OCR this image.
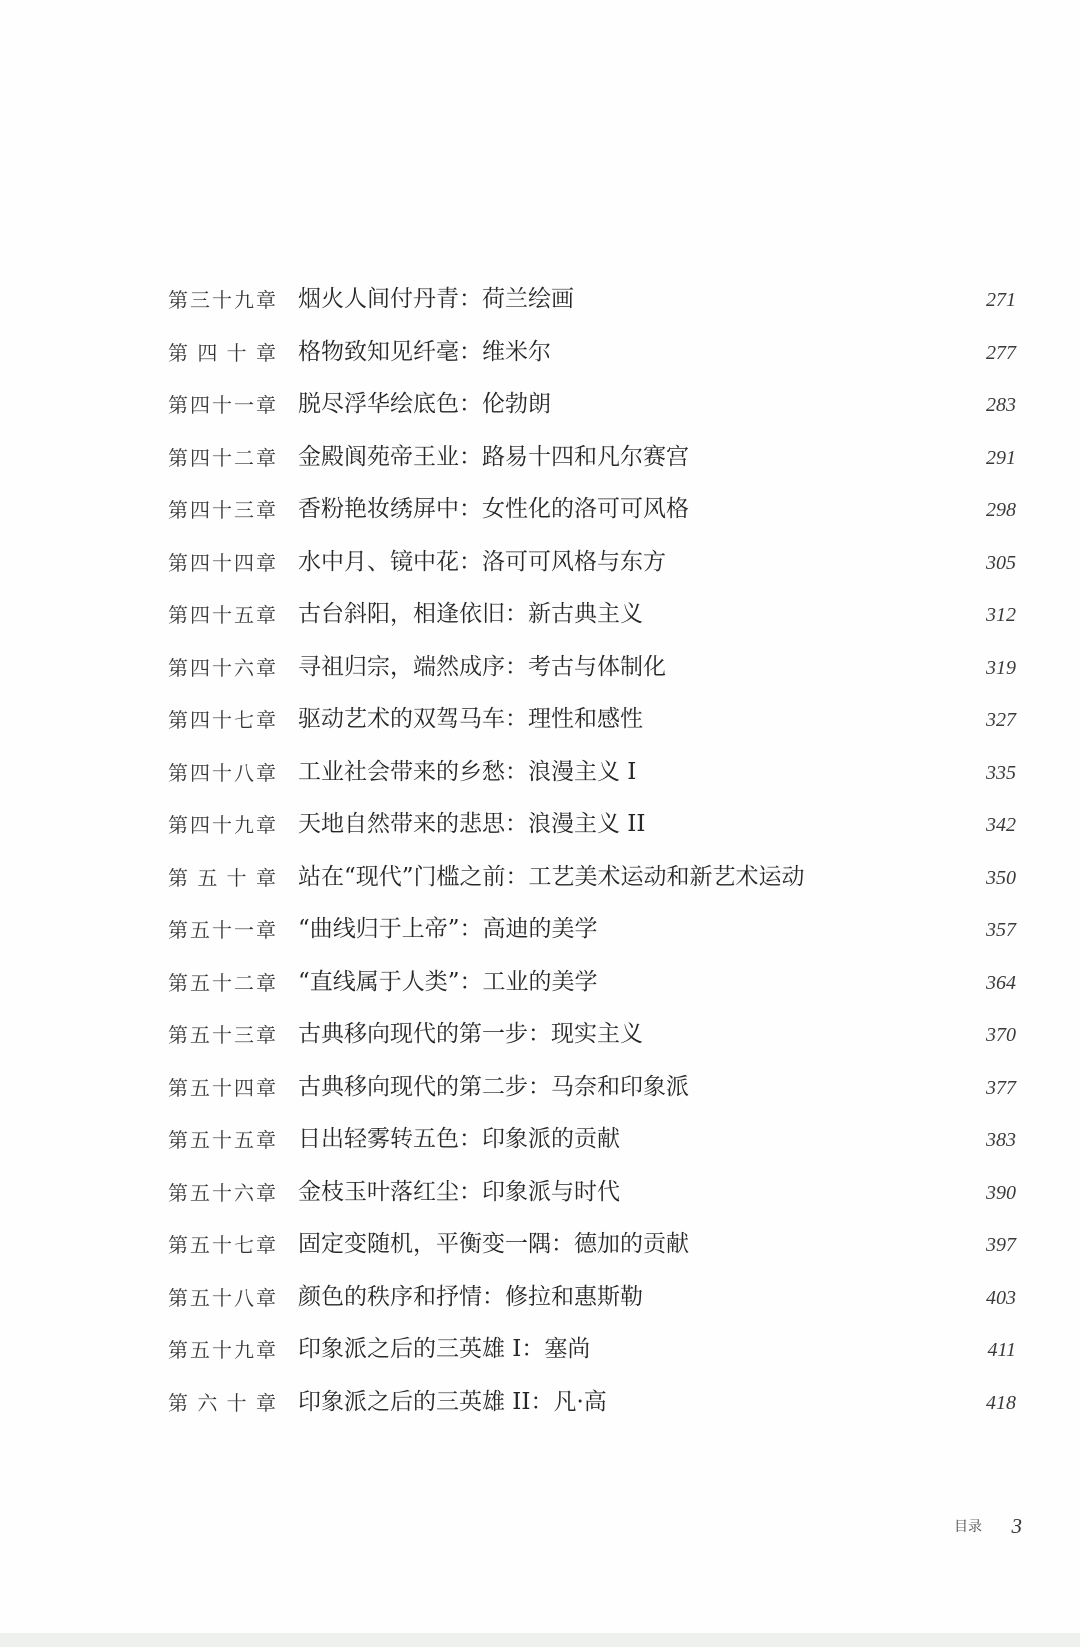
第三十九章 烟火人间付丹青：荷兰绘画	271
第四十章 格物致知见纤毫：维米尔	277
第四十一章 脱尽浮华绘底色：伦勃朗	283
第四十二章 金殿阆苑帝王业：路易十四和凡尔赛宫	291
第四十三章 香粉艳妆绣屏中：女性化的洛可可风格	298
第四十四章 水中月、镜中花：洛可可风格与东方	305
第四十五章 古台斜阳，相逢依旧：新古典主义	312
第四十六章 寻祖归宗，端然成序：考古与体制化	319
第四十七章 驱动艺术的双驾马车：理性和感性	327
第四十八章 工业社会带来的乡愁：浪漫主义 I	335
第四十九章 天地自然带来的悲思：浪漫主义 II	342
第五十章 站在“现代”门槛之前：工艺美术运动和新艺术运动	350
第五十一章 “曲线归于上帝”：高迪的美学	357
第五十二章 “直线属于人类”：工业的美学	364
第五十三章 古典移向现代的第一步：现实主义	370
第五十四章 古典移向现代的第二步：马奈和印象派	377
第五十五章 日出轻雾转五色：印象派的贡献	383
第五十六章 金枝玉叶落红尘：印象派与时代	390
第五十七章 固定变随机，平衡变一隅：德加的贡献	397
第五十八章 颜色的秩序和抒情：修拉和惠斯勒	403
第五十九章 印象派之后的三英雄 I：塞尚	411
第六十章 印象派之后的三英雄 II：凡·高	418
目录 3
